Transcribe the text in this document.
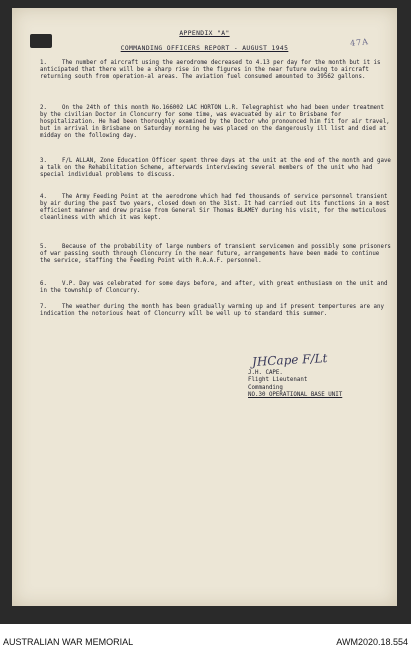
47A
APPENDIX "A"
COMMANDING OFFICERS REPORT - AUGUST 1945
1.	The number of aircraft using the aerodrome decreased to 4.13 per day for the month but it is anticipated that there will be a sharp rise in the figures in the near future owing to aircraft returning south from operation-al areas. The aviation fuel consumed amounted to 39562 gallons.
2.	On the 24th of this month No.166002 LAC HORTON L.R. Telegraphist who had been under treatment by the civilian Doctor in Cloncurry for some time, was evacuated by air to Brisbane for hospitalization. He had been thoroughly examined by the Doctor who pronounced him fit for air travel, but in arrival in Brisbane on Saturday morning he was placed on the dangerously ill list and died at midday on the following day.
3.	F/L ALLAN, Zone Education Officer spent three days at the unit at the end of the month and gave a talk on the Rehabilitation Scheme, afterwards interviewing several members of the unit who had special individual problems to discuss.
4.	The Army Feeding Point at the aerodrome which had fed thousands of service personnel transient by air during the past two years, closed down on the 31st. It had carried out its functions in a most efficient manner and drew praise from General Sir Thomas BLAMEY during his visit, for the meticulous cleanliness with which it was kept.
5.	Because of the probability of large numbers of transient servicemen and possibly some prisoners of war passing south through Cloncurry in the near future, arrangements have been made to continue the service, staffing the Feeding Point with R.A.A.F. personnel.
6.	V.P. Day was celebrated for some days before, and after, with great enthusiasm on the unit and in the township of Cloncurry.
7.	The weather during the month has been gradually warming up and if present tempertures are any indication the notorious heat of Cloncurry will be well up to standard this summer.
JHCape F/Lt
J.H. CAPE.
Flight Lieutenant
Commanding
NO.30 OPERATIONAL BASE UNIT
AUSTRALIAN WAR MEMORIAL	AWM2020.18.554
